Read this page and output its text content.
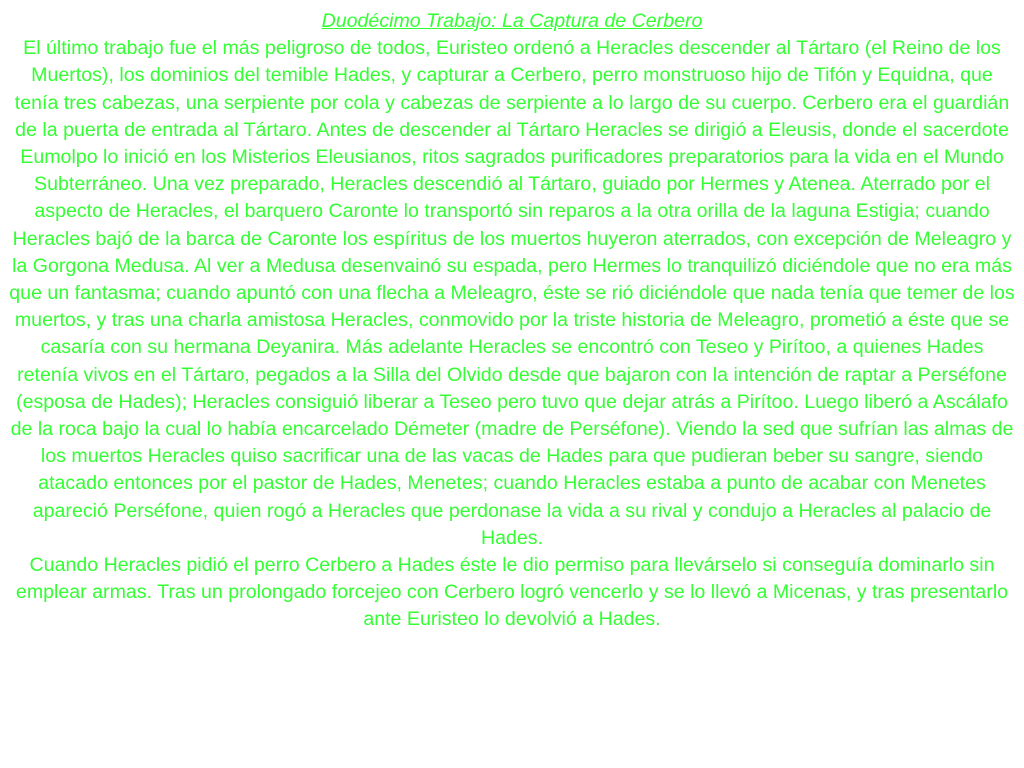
Duodécimo Trabajo: La Captura de Cerbero

El último trabajo fue el más peligroso de todos, Euristeo ordenó a Heracles descender al Tártaro (el Reino de los Muertos), los dominios del temible Hades, y capturar a Cerbero, perro monstruoso hijo de Tifón y Equidna, que tenía tres cabezas, una serpiente por cola y cabezas de serpiente a lo largo de su cuerpo. Cerbero era el guardián de la puerta de entrada al Tártaro. Antes de descender al Tártaro Heracles se dirigió a Eleusis, donde el sacerdote Eumolpo lo inició en los Misterios Eleusianos, ritos sagrados purificadores preparatorios para la vida en el Mundo Subterráneo. Una vez preparado, Heracles descendió al Tártaro, guiado por Hermes y Atenea. Aterrado por el aspecto de Heracles, el barquero Caronte lo transportó sin reparos a la otra orilla de la laguna Estigia; cuando Heracles bajó de la barca de Caronte los espíritus de los muertos huyeron aterrados, con excepción de Meleagro y la Gorgona Medusa. Al ver a Medusa desenvainó su espada, pero Hermes lo tranquilizó diciéndole que no era más que un fantasma; cuando apuntó con una flecha a Meleagro, éste se rió diciéndole que nada tenía que temer de los muertos, y tras una charla amistosa Heracles, conmovido por la triste historia de Meleagro, prometió a éste que se casaría con su hermana Deyanira. Más adelante Heracles se encontró con Teseo y Pirítoo, a quienes Hades retenía vivos en el Tártaro, pegados a la Silla del Olvido desde que bajaron con la intención de raptar a Perséfone (esposa de Hades); Heracles consiguió liberar a Teseo pero tuvo que dejar atrás a Pirítoo. Luego liberó a Ascálafo de la roca bajo la cual lo había encarcelado Démeter (madre de Perséfone). Viendo la sed que sufrían las almas de los muertos Heracles quiso sacrificar una de las vacas de Hades para que pudieran beber su sangre, siendo atacado entonces por el pastor de Hades, Menetes; cuando Heracles estaba a punto de acabar con Menetes apareció Perséfone, quien rogó a Heracles que perdonase la vida a su rival y condujo a Heracles al palacio de Hades.

Cuando Heracles pidió el perro Cerbero a Hades éste le dio permiso para llevárselo si conseguía dominarlo sin emplear armas. Tras un prolongado forcejeo con Cerbero logró vencerlo y se lo llevó a Micenas, y tras presentarlo ante Euristeo lo devolvió a Hades.
